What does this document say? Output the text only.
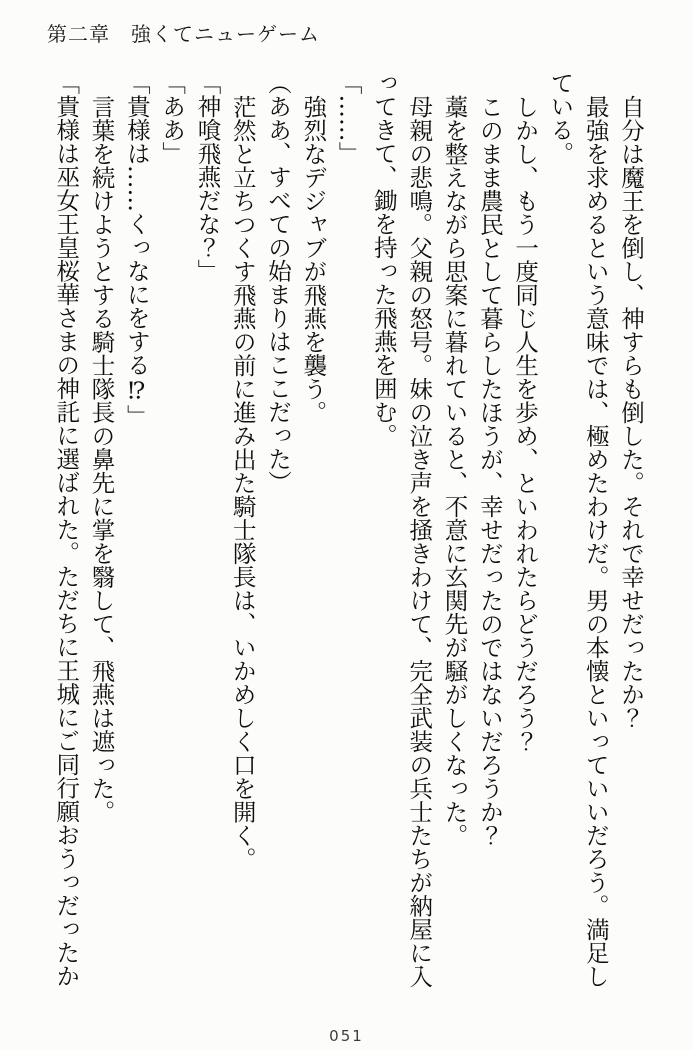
第二章　強くてニューゲーム

自分は魔王を倒し、神すらも倒した。それで幸せだったか？

最強を求めるという意味では、極めたわけだ。男の本懐といっていいだろう。満足している。

しかし、もう一度同じ人生を歩め、といわれたらどうだろう？

このまま農民として暮らしたほうが、幸せだったのではないだろうか？

藁を整えながら思案に暮れていると、不意に玄関先が騒がしくなった。

母親の悲鳴。父親の怒号。妹の泣き声を掻きわけて、完全武装の兵士たちが納屋に入ってきて、鋤を持った飛燕を囲む。

「……」

強烈なデジャブが飛燕を襲う。

（ああ、すべての始まりはここだった）

茫然と立ちつくす飛燕の前に進み出た騎士隊長は、いかめしく口を開く。

「神喰飛燕だな？」

「ああ」

「貴様は……くっなにをする⁉」

言葉を続けようとする騎士隊長の鼻先に掌を翳して、飛燕は遮った。

「貴様は巫女王皇桜華さまの神託に選ばれた。ただちに王城にご同行願おうっだったか

051
